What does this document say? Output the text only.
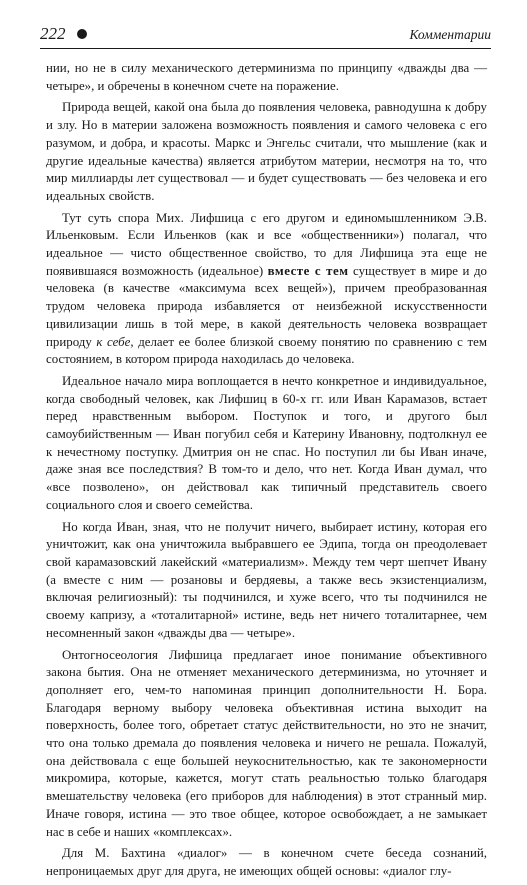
222	Комментарии

нии, но не в силу механического детерминизма по принципу «дважды два — четыре», и обречены в конечном счете на поражение.

Природа вещей, какой она была до появления человека, равнодушна к добру и злу. Но в материи заложена возможность появления и самого человека с его разумом, и добра, и красоты. Маркс и Энгельс считали, что мышление (как и другие идеальные качества) является атрибутом материи, несмотря на то, что мир миллиарды лет существовал — и будет существовать — без человека и его идеальных свойств.

Тут суть спора Мих. Лифшица с его другом и единомышленником Э.В. Ильенковым. Если Ильенков (как и все «общественники») полагал, что идеальное — чисто общественное свойство, то для Лифшица эта еще не появившаяся возможность (идеальное) вместе с тем существует в мире и до человека (в качестве «максимума всех вещей»), причем преобразованная трудом человека природа избавляется от неизбежной искусственности цивилизации лишь в той мере, в какой деятельность человека возвращает природу к себе, делает ее более близкой своему понятию по сравнению с тем состоянием, в котором природа находилась до человека.

Идеальное начало мира воплощается в нечто конкретное и индивидуальное, когда свободный человек, как Лифшиц в 60-х гг. или Иван Карамазов, встает перед нравственным выбором. Поступок и того, и другого был самоубийственным — Иван погубил себя и Катерину Ивановну, подтолкнул ее к нечестному поступку. Дмитрия он не спас. Но поступил ли бы Иван иначе, даже зная все последствия? В том-то и дело, что нет. Когда Иван думал, что «все позволено», он действовал как типичный представитель своего социального слоя и своего семейства.

Но когда Иван, зная, что не получит ничего, выбирает истину, которая его уничтожит, как она уничтожила выбравшего ее Эдипа, тогда он преодолевает свой карамазовский лакейский «материализм». Между тем черт шепчет Ивану (а вместе с ним — розановы и бердяевы, а также весь экзистенциализм, включая религиозный): ты подчинился, и хуже всего, что ты подчинился не своему капризу, а «тоталитарной» истине, ведь нет ничего тоталитарнее, чем несомненный закон «дважды два — четыре».

Онтогносеология Лифшица предлагает иное понимание объективного закона бытия. Она не отменяет механического детерминизма, но уточняет и дополняет его, чем-то напоминая принцип дополнительности Н. Бора. Благодаря верному выбору человека объективная истина выходит на поверхность, более того, обретает статус действительности, но это не значит, что она только дремала до появления человека и ничего не решала. Пожалуй, она действовала с еще большей неукоснительностью, как те закономерности микромира, которые, кажется, могут стать реальностью только благодаря вмешательству человека (его приборов для наблюдения) в этот странный мир. Иначе говоря, истина — это твое общее, которое освобождает, а не замыкает нас в себе и наших «комплексах».

Для М. Бахтина «диалог» — в конечном счете беседа сознаний, непроницаемых друг для друга, не имеющих общей основы: «диалог глу-
